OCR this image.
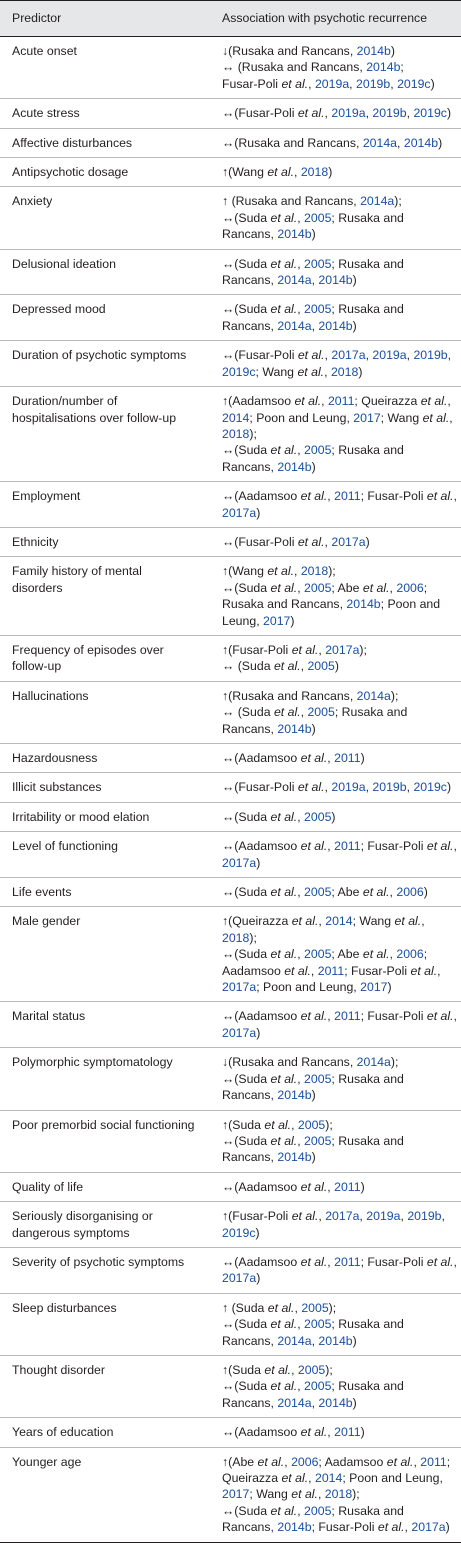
Predictor	Association with psychotic recurrence
Acute onset	↓(Rusaka and Rancans, 2014b)
↔ (Rusaka and Rancans, 2014b;
Fusar-Poli et al., 2019a, 2019b, 2019c)
Acute stress	↔(Fusar-Poli et al., 2019a, 2019b, 2019c)
Affective disturbances	↔(Rusaka and Rancans, 2014a, 2014b)
Antipsychotic dosage	↑(Wang et al., 2018)
Anxiety	↑ (Rusaka and Rancans, 2014a);
↔(Suda et al., 2005; Rusaka and Rancans, 2014b)
Delusional ideation	↔(Suda et al., 2005; Rusaka and Rancans, 2014a, 2014b)
Depressed mood	↔(Suda et al., 2005; Rusaka and Rancans, 2014a, 2014b)
Duration of psychotic symptoms	↔(Fusar-Poli et al., 2017a, 2019a, 2019b, 2019c; Wang et al., 2018)
Duration/number of hospitalisations over follow-up	↑(Aadamsoo et al., 2011; Queirazza et al., 2014; Poon and Leung, 2017; Wang et al., 2018);
↔(Suda et al., 2005; Rusaka and Rancans, 2014b)
Employment	↔(Aadamsoo et al., 2011; Fusar-Poli et al., 2017a)
Ethnicity	↔(Fusar-Poli et al., 2017a)
Family history of mental disorders	↑(Wang et al., 2018);
↔(Suda et al., 2005; Abe et al., 2006; Rusaka and Rancans, 2014b; Poon and Leung, 2017)
Frequency of episodes over follow-up	↑(Fusar-Poli et al., 2017a);
↔ (Suda et al., 2005)
Hallucinations	↑(Rusaka and Rancans, 2014a);
↔ (Suda et al., 2005; Rusaka and Rancans, 2014b)
Hazardousness	↔(Aadamsoo et al., 2011)
Illicit substances	↔(Fusar-Poli et al., 2019a, 2019b, 2019c)
Irritability or mood elation	↔(Suda et al., 2005)
Level of functioning	↔(Aadamsoo et al., 2011; Fusar-Poli et al., 2017a)
Life events	↔(Suda et al., 2005; Abe et al., 2006)
Male gender	↑(Queirazza et al., 2014; Wang et al., 2018);
↔(Suda et al., 2005; Abe et al., 2006; Aadamsoo et al., 2011; Fusar-Poli et al., 2017a; Poon and Leung, 2017)
Marital status	↔(Aadamsoo et al., 2011; Fusar-Poli et al., 2017a)
Polymorphic symptomatology	↓(Rusaka and Rancans, 2014a);
↔(Suda et al., 2005; Rusaka and Rancans, 2014b)
Poor premorbid social functioning	↑(Suda et al., 2005);
↔(Suda et al., 2005; Rusaka and Rancans, 2014b)
Quality of life	↔(Aadamsoo et al., 2011)
Seriously disorganising or dangerous symptoms	↑(Fusar-Poli et al., 2017a, 2019a, 2019b, 2019c)
Severity of psychotic symptoms	↔(Aadamsoo et al., 2011; Fusar-Poli et al., 2017a)
Sleep disturbances	↑ (Suda et al., 2005);
↔(Suda et al., 2005; Rusaka and Rancans, 2014a, 2014b)
Thought disorder	↑(Suda et al., 2005);
↔(Suda et al., 2005; Rusaka and Rancans, 2014a, 2014b)
Years of education	↔(Aadamsoo et al., 2011)
Younger age	↑(Abe et al., 2006; Aadamsoo et al., 2011; Queirazza et al., 2014; Poon and Leung, 2017; Wang et al., 2018);
↔(Suda et al., 2005; Rusaka and Rancans, 2014b; Fusar-Poli et al., 2017a)
